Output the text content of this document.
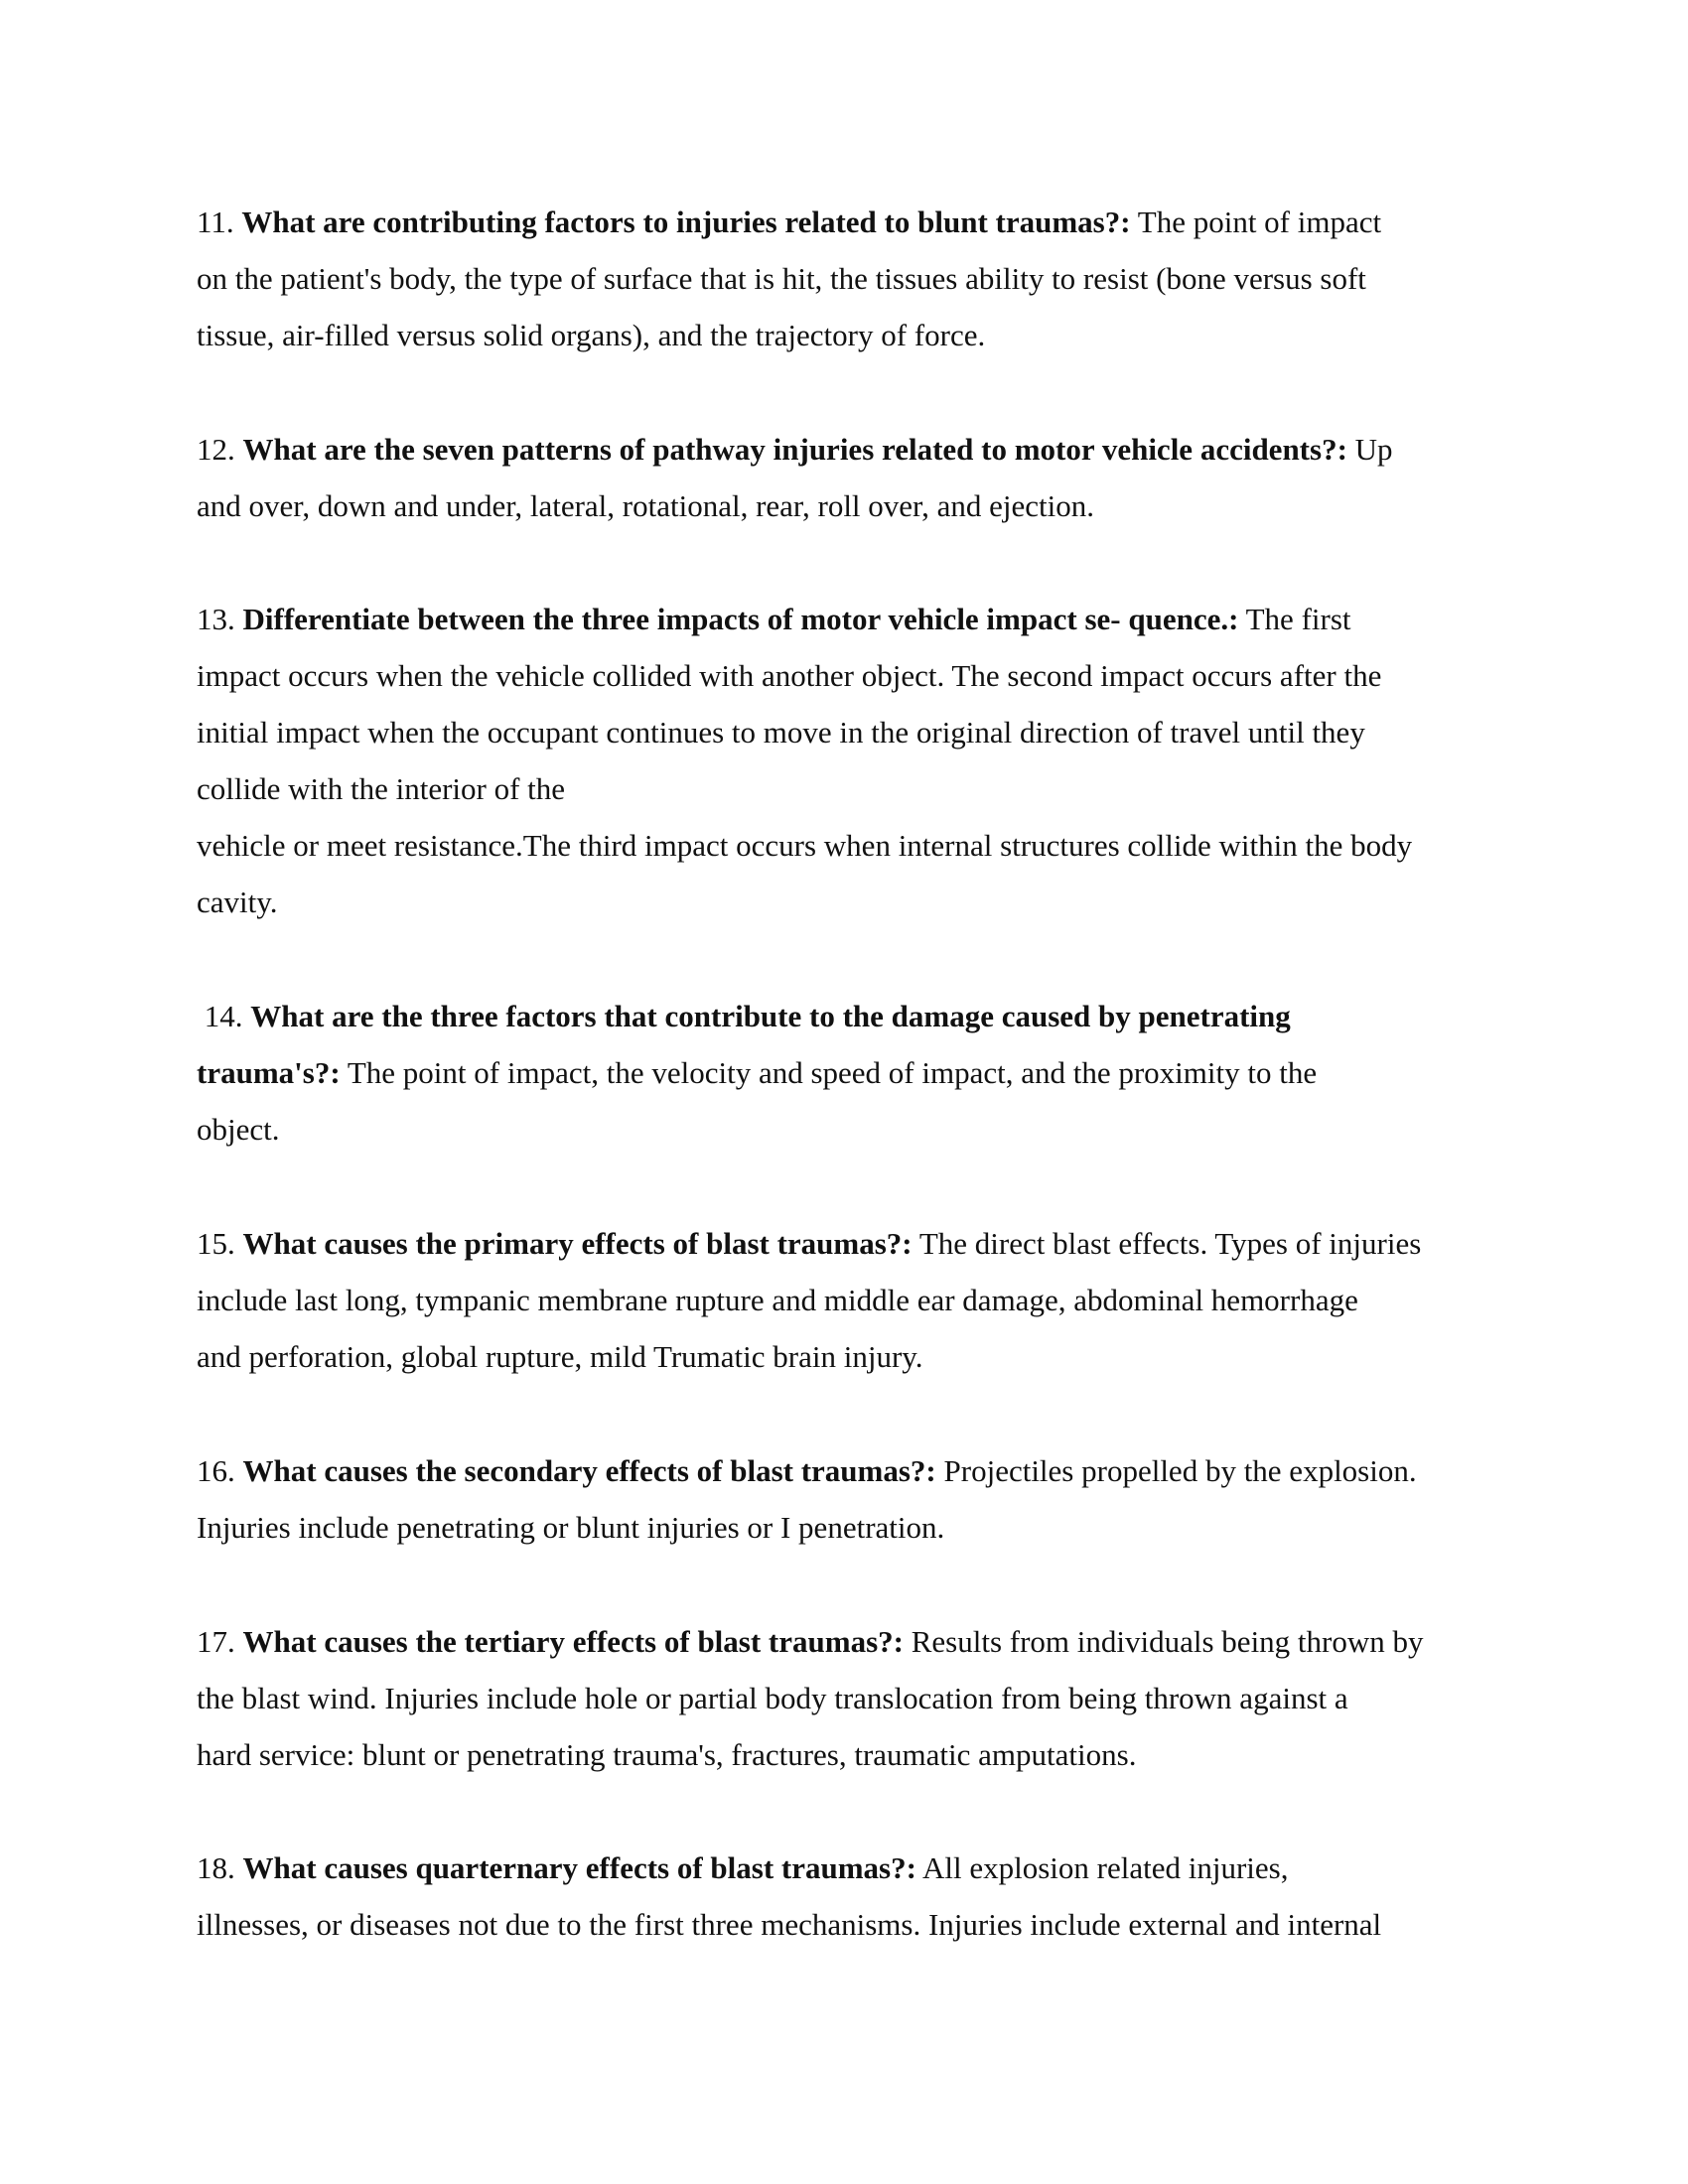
11. What are contributing factors to injuries related to blunt traumas?: The point of impact
on the patient's body, the type of surface that is hit, the tissues ability to resist (bone versus soft
tissue, air-filled versus solid organs), and the trajectory of force.

12. What are the seven patterns of pathway injuries related to motor vehicle accidents?: Up
and over, down and under, lateral, rotational, rear, roll over, and ejection.

13. Differentiate between the three impacts of motor vehicle impact se- quence.: The first
impact occurs when the vehicle collided with another object. The second impact occurs after the
initial impact when the occupant continues to move in the original direction of travel until they
collide with the interior of the
vehicle or meet resistance.The third impact occurs when internal structures collide within the body
cavity.

14. What are the three factors that contribute to the damage caused by penetrating
trauma's?: The point of impact, the velocity and speed of impact, and the proximity to the
object.

15. What causes the primary effects of blast traumas?: The direct blast effects. Types of injuries
include last long, tympanic membrane rupture and middle ear damage, abdominal hemorrhage
and perforation, global rupture, mild Trumatic brain injury.

16. What causes the secondary effects of blast traumas?: Projectiles propelled by the explosion.
Injuries include penetrating or blunt injuries or I penetration.

17. What causes the tertiary effects of blast traumas?: Results from individuals being thrown by
the blast wind. Injuries include hole or partial body translocation from being thrown against a
hard service: blunt or penetrating trauma's, fractures, traumatic amputations.

18. What causes quarternary effects of blast traumas?: All explosion related injuries,
illnesses, or diseases not due to the first three mechanisms. Injuries include external and internal
